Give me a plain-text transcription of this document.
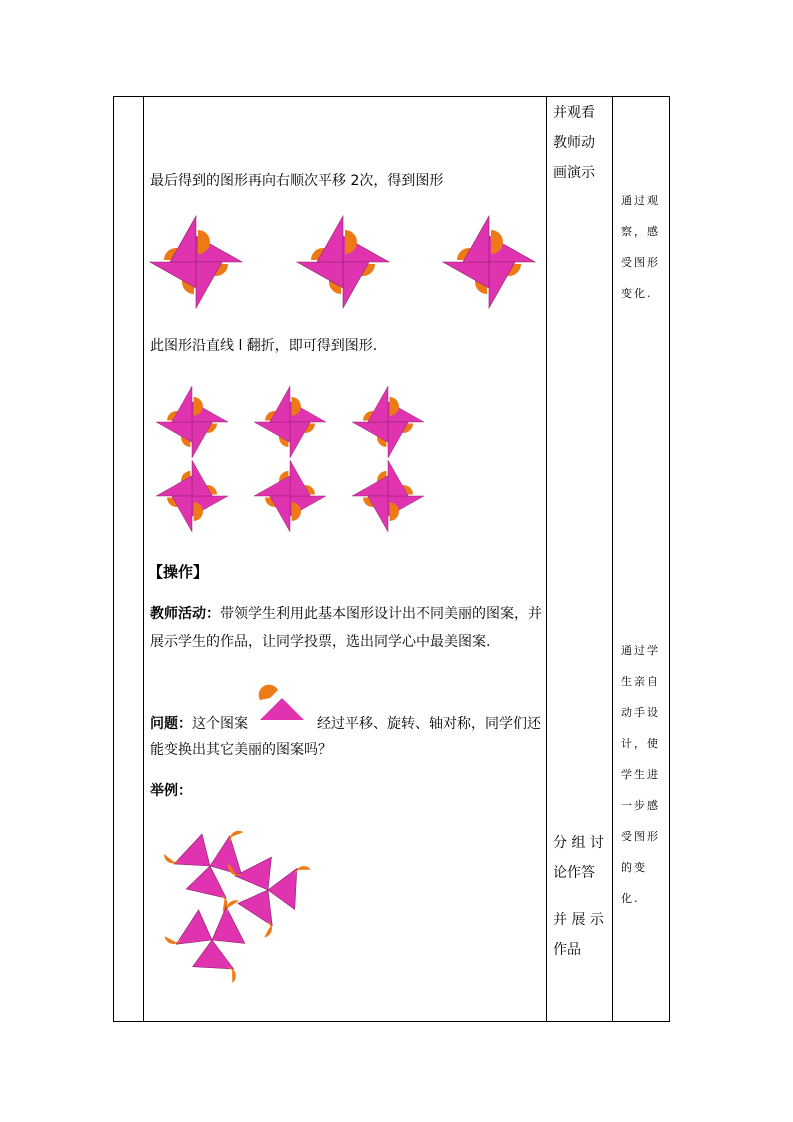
最后得到的图形再向右顺次平移 2次，得到图形
此图形沿直线 l 翻折，即可得到图形.
【操作】
教师活动：带领学生利用此基本图形设计出不同美丽的图案，并
展示学生的作品，让同学投票，选出同学心中最美图案.
问题：这个图案	经过平移、旋转、轴对称，同学们还
能变换出其它美丽的图案吗？
举例：
并观看
教师动
画演示
分 组 讨
论作答
并 展 示
作品
通过观
察，感
受图形
变化.
通过学
生亲自
动手设
计，使
学生进
一步感
受图形
的变
化.
